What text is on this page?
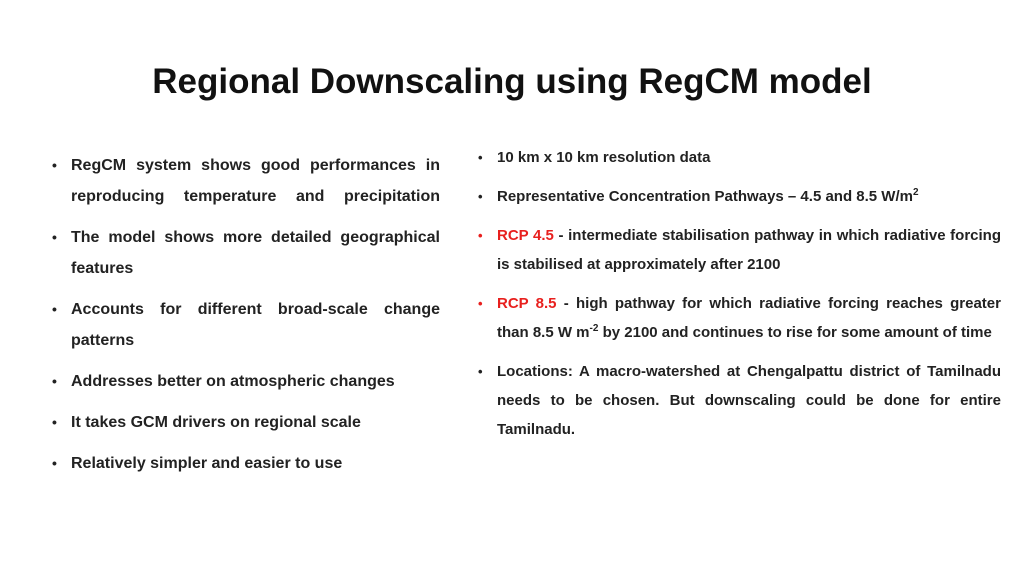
Regional Downscaling using RegCM model
• RegCM system shows good performances in reproducing temperature and precipitation
• The model shows more detailed geographical features
• Accounts for different broad-scale change patterns
• Addresses better on atmospheric changes
• It takes GCM drivers on regional scale
• Relatively simpler and easier to use
• 10 km x 10 km resolution data
• Representative Concentration Pathways – 4.5 and 8.5 $W/m^2$
• RCP 4.5 - intermediate stabilisation pathway in which radiative forcing is stabilised at approximately after 2100
• RCP 8.5 - high pathway for which radiative forcing reaches greater than 8.5 W $m^{-2}$ by 2100 and continues to rise for some amount of time
• Locations: A macro-watershed at Chengalpattu district of Tamilnadu needs to be chosen. But downscaling could be done for entire Tamilnadu.
